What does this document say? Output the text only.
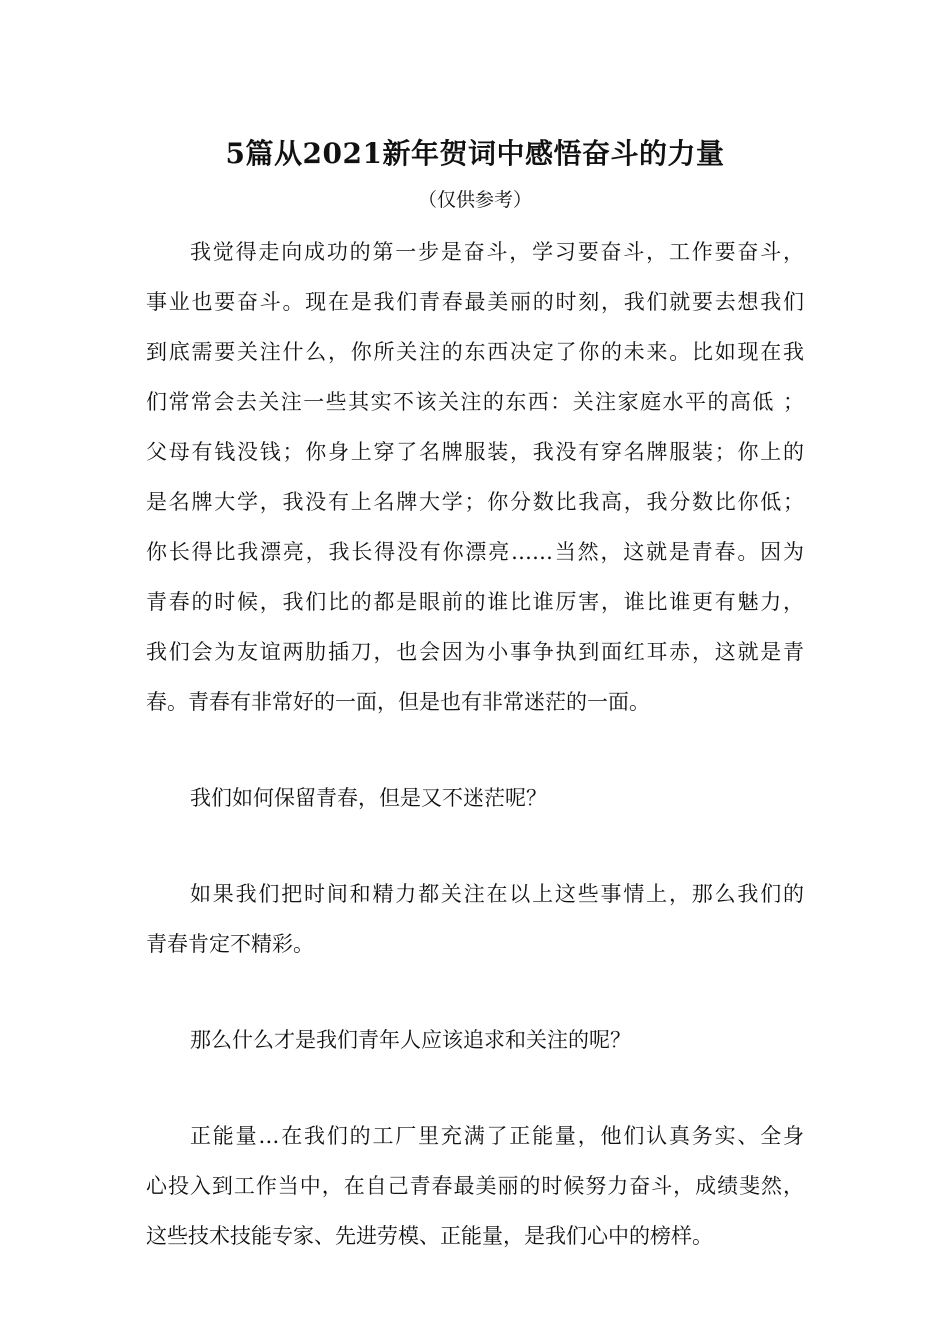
5篇从2021新年贺词中感悟奋斗的力量
（仅供参考）
我觉得走向成功的第一步是奋斗，学习要奋斗，工作要奋斗，
事业也要奋斗。现在是我们青春最美丽的时刻，我们就要去想我们
到底需要关注什么，你所关注的东西决定了你的未来。比如现在我
们常常会去关注一些其实不该关注的东西：关注家庭水平的高低 ；
父母有钱没钱；你身上穿了名牌服装，我没有穿名牌服装；你上的
是名牌大学，我没有上名牌大学；你分数比我高，我分数比你低；
你长得比我漂亮，我长得没有你漂亮……当然，这就是青春。因为
青春的时候，我们比的都是眼前的谁比谁厉害，谁比谁更有魅力，
我们会为友谊两肋插刀，也会因为小事争执到面红耳赤，这就是青
春。青春有非常好的一面，但是也有非常迷茫的一面。
我们如何保留青春，但是又不迷茫呢？
如果我们把时间和精力都关注在以上这些事情上，那么我们的
青春肯定不精彩。
那么什么才是我们青年人应该追求和关注的呢？
正能量…在我们的工厂里充满了正能量，他们认真务实、全身
心投入到工作当中，在自己青春最美丽的时候努力奋斗，成绩斐然，
这些技术技能专家、先进劳模、正能量，是我们心中的榜样。
